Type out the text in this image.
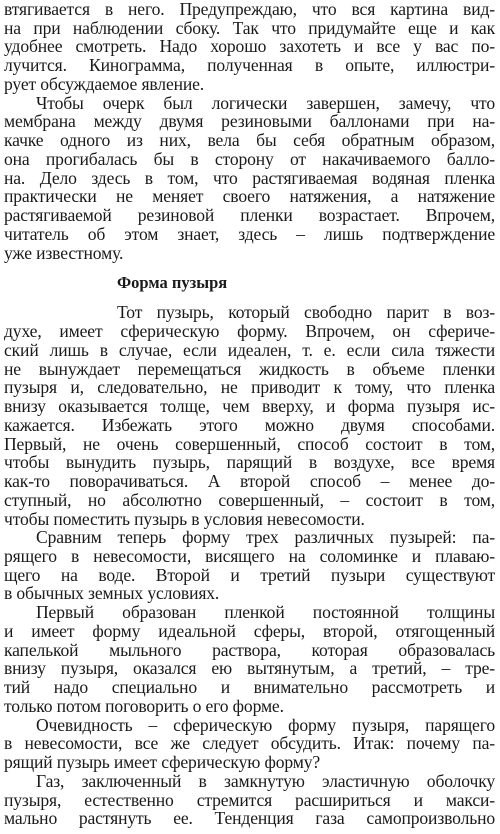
втягивается в него. Предупреждаю, что вся картина вид-
на при наблюдении сбоку. Так что придумайте еще и как
удобнее смотреть. Надо хорошо захотеть и все у вас по-
лучится. Кинограмма, полученная в опыте, иллюстри-
рует обсуждаемое явление.
Чтобы очерк был логически завершен, замечу, что
мембрана между двумя резиновыми баллонами при на-
качке одного из них, вела бы себя обратным образом,
она прогибалась бы в сторону от накачиваемого балло-
на. Дело здесь в том, что растягиваемая водяная пленка
практически не меняет своего натяжения, а натяжение
растягиваемой резиновой пленки возрастает. Впрочем,
читатель об этом знает, здесь – лишь подтверждение
уже известному.
Форма пузыря
Тот пузырь, который свободно парит в воз-
духе, имеет сферическую форму. Впрочем, он сфериче-
ский лишь в случае, если идеален, т. е. если сила тяжести
не вынуждает перемещаться жидкость в объеме пленки
пузыря и, следовательно, не приводит к тому, что пленка
внизу оказывается толще, чем вверху, и форма пузыря ис-
кажается. Избежать этого можно двумя способами.
Первый, не очень совершенный, способ состоит в том,
чтобы вынудить пузырь, парящий в воздухе, все время
как-то поворачиваться. А второй способ – менее до-
ступный, но абсолютно совершенный, – состоит в том,
чтобы поместить пузырь в условия невесомости.
Сравним теперь форму трех различных пузырей: па-
рящего в невесомости, висящего на соломинке и плаваю-
щего на воде. Второй и третий пузыри существуют
в обычных земных условиях.
Первый образован пленкой постоянной толщины
и имеет форму идеальной сферы, второй, отягощенный
капелькой мыльного раствора, которая образовалась
внизу пузыря, оказался ею вытянутым, а третий, – тре-
тий надо специально и внимательно рассмотреть и
только потом поговорить о его форме.
Очевидность – сферическую форму пузыря, парящего
в невесомости, все же следует обсудить. Итак: почему па-
рящий пузырь имеет сферическую форму?
Газ, заключенный в замкнутую эластичную оболочку
пузыря, естественно стремится расшириться и макси-
мально растянуть ее. Тенденция газа самопроизвольно
